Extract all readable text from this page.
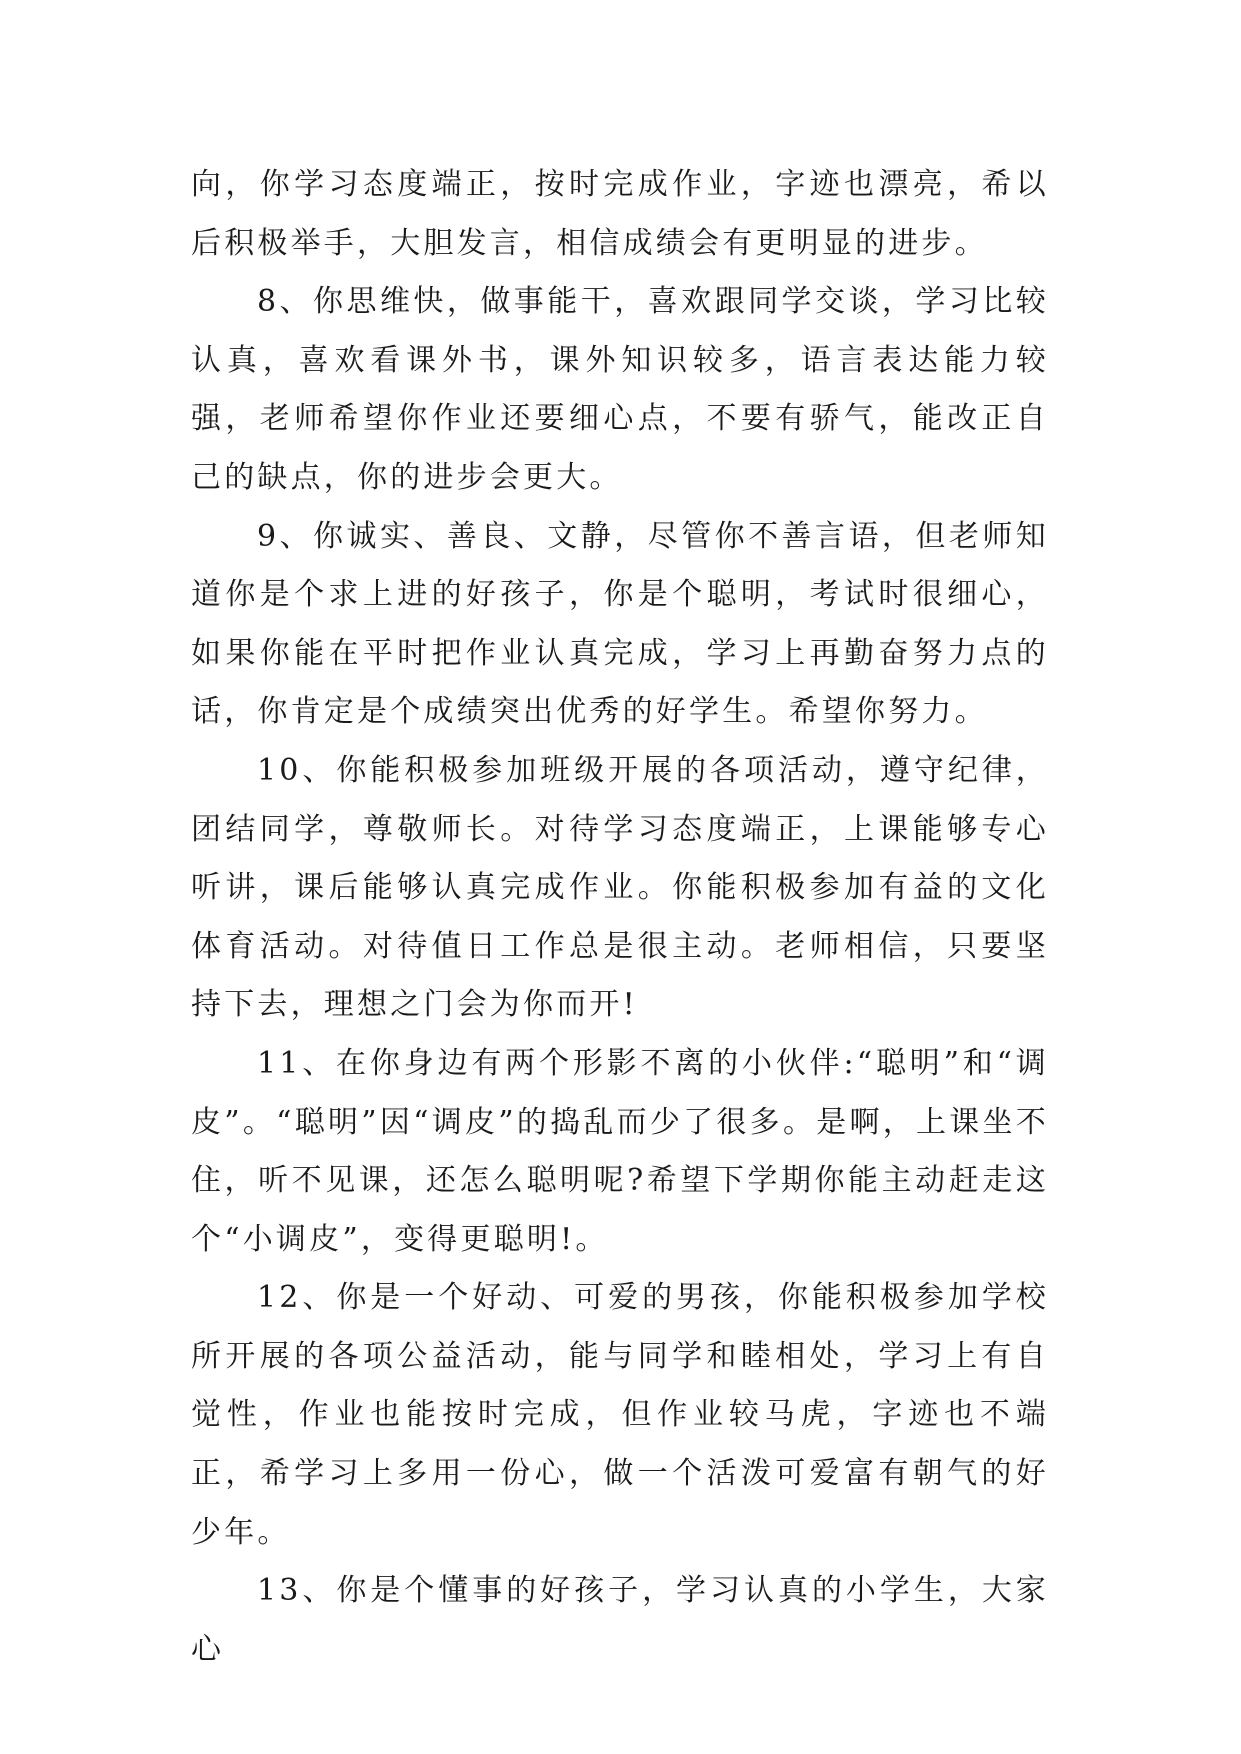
向，你学习态度端正，按时完成作业，字迹也漂亮，希以后积极举手，大胆发言，相信成绩会有更明显的进步。

8、你思维快，做事能干，喜欢跟同学交谈，学习比较认真，喜欢看课外书，课外知识较多，语言表达能力较强，老师希望你作业还要细心点，不要有骄气，能改正自己的缺点，你的进步会更大。

9、你诚实、善良、文静，尽管你不善言语，但老师知道你是个求上进的好孩子，你是个聪明，考试时很细心，如果你能在平时把作业认真完成，学习上再勤奋努力点的话，你肯定是个成绩突出优秀的好学生。希望你努力。

10、你能积极参加班级开展的各项活动，遵守纪律，团结同学，尊敬师长。对待学习态度端正，上课能够专心听讲，课后能够认真完成作业。你能积极参加有益的文化体育活动。对待值日工作总是很主动。老师相信，只要坚持下去，理想之门会为你而开!

11、在你身边有两个形影不离的小伙伴:“聪明”和“调皮”。“聪明”因“调皮”的捣乱而少了很多。是啊，上课坐不住，听不见课，还怎么聪明呢?希望下学期你能主动赶走这个“小调皮”，变得更聪明!。

12、你是一个好动、可爱的男孩，你能积极参加学校所开展的各项公益活动，能与同学和睦相处，学习上有自觉性，作业也能按时完成，但作业较马虎，字迹也不端正，希学习上多用一份心，做一个活泼可爱富有朝气的好少年。

13、你是个懂事的好孩子，学习认真的小学生，大家心
